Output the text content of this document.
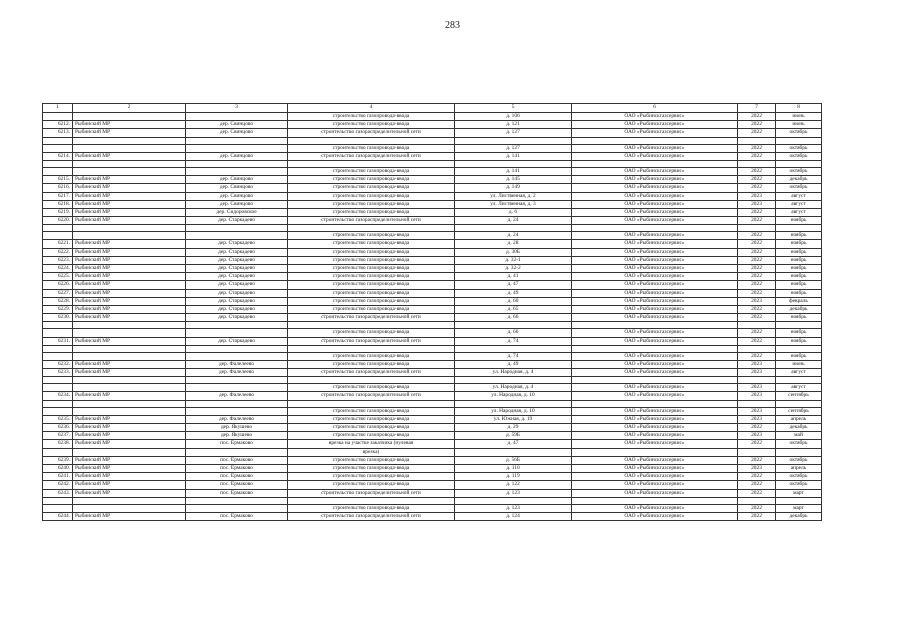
283
1	2	3	4	5	6	7	8
			строительство газопровода-ввода	д. 106	ОАО «Рыбинскгазсервис»	2022	июнь
6212.	Рыбинский МР	дер. Свинцово	строительство газопровода-ввода	д. 121	ОАО «Рыбинскгазсервис»	2022	июнь
6213.	Рыбинский МР	дер. Свинцово	строительство газораспределительной сети	д. 127	ОАО «Рыбинскгазсервис»	2022	октябрь

			строительство газопровода-ввода	д. 127	ОАО «Рыбинскгазсервис»	2022	октябрь
6214.	Рыбинский МР	дер. Свинцово	строительство газораспределительной сети	д. 141	ОАО «Рыбинскгазсервис»	2022	октябрь

			строительство газопровода-ввода	д. 141	ОАО «Рыбинскгазсервис»	2022	октябрь
6215.	Рыбинский МР	дер. Свинцово	строительство газопровода-ввода	д. 145	ОАО «Рыбинскгазсервис»	2022	декабрь
6216.	Рыбинский МР	дер. Свинцово	строительство газопровода-ввода	д. 149	ОАО «Рыбинскгазсервис»	2022	октябрь
6217.	Рыбинский МР	дер. Свинцово	строительство газопровода-ввода	ул. Лиственная, д. 2	ОАО «Рыбинскгазсервис»	2023	август
6218.	Рыбинский МР	дер. Свинцово	строительство газопровода-ввода	ул. Лиственная, д. 3	ОАО «Рыбинскгазсервис»	2023	август
6219.	Рыбинский МР	дер. Сидоровское	строительство газопровода-ввода	д. 6	ОАО «Рыбинскгазсервис»	2022	август
6220.	Рыбинский МР	дер. Старкадево	строительство газораспределительной сети	д. 24	ОАО «Рыбинскгазсервис»	2022	ноябрь

			строительство газопровода-ввода	д. 24	ОАО «Рыбинскгазсервис»	2022	ноябрь
6221.	Рыбинский МР	дер. Старкадево	строительство газопровода-ввода	д. 28	ОАО «Рыбинскгазсервис»	2022	ноябрь
6222.	Рыбинский МР	дер. Старкадево	строительство газопровода-ввода	д. 30Б	ОАО «Рыбинскгазсервис»	2022	ноябрь
6223.	Рыбинский МР	дер. Старкадево	строительство газопровода-ввода	д. 32-1	ОАО «Рыбинскгазсервис»	2022	ноябрь
6224.	Рыбинский МР	дер. Старкадево	строительство газопровода-ввода	д. 32-2	ОАО «Рыбинскгазсервис»	2022	ноябрь
6225.	Рыбинский МР	дер. Старкадево	строительство газопровода-ввода	д. 41	ОАО «Рыбинскгазсервис»	2022	ноябрь
6226.	Рыбинский МР	дер. Старкадево	строительство газопровода-ввода	д. 47	ОАО «Рыбинскгазсервис»	2022	ноябрь
6227.	Рыбинский МР	дер. Старкадево	строительство газопровода-ввода	д. 49	ОАО «Рыбинскгазсервис»	2022	ноябрь
6228.	Рыбинский МР	дер. Старкадево	строительство газопровода-ввода	д. 60	ОАО «Рыбинскгазсервис»	2023	февраль
6229.	Рыбинский МР	дер. Старкадево	строительство газопровода-ввода	д. 65	ОАО «Рыбинскгазсервис»	2022	декабрь
6230.	Рыбинский МР	дер. Старкадево	строительство газораспределительной сети	д. 66	ОАО «Рыбинскгазсервис»	2022	ноябрь

			строительство газопровода-ввода	д. 66	ОАО «Рыбинскгазсервис»	2022	ноябрь
6231.	Рыбинский МР	дер. Старкадево	строительство газораспределительной сети	д. 74	ОАО «Рыбинскгазсервис»	2022	ноябрь

			строительство газопровода-ввода	д. 74	ОАО «Рыбинскгазсервис»	2022	ноябрь
6232.	Рыбинский МР	дер. Фалелеево	строительство газопровода-ввода	д. 49	ОАО «Рыбинскгазсервис»	2023	июнь
6233.	Рыбинский МР	дер. Фалелеево	строительство газораспределительной сети	ул. Народная, д. 4	ОАО «Рыбинскгазсервис»	2023	август

			строительство газопровода-ввода	ул. Народная, д. 4	ОАО «Рыбинскгазсервис»	2023	август
6234.	Рыбинский МР	дер. Фалелеево	строительство газораспределительной сети	ул. Народная, д. 10	ОАО «Рыбинскгазсервис»	2023	сентябрь

			строительство газопровода-ввода	ул. Народная, д. 10	ОАО «Рыбинскгазсервис»	2023	сентябрь
6235.	Рыбинский МР	дер. Фалелеево	строительство газопровода-ввода	ул. Южная, д. 19	ОАО «Рыбинскгазсервис»	2023	апрель
6236.	Рыбинский МР	дер. Якушево	строительство газопровода-ввода	д. 29	ОАО «Рыбинскгазсервис»	2022	декабрь
6237.	Рыбинский МР	дер. Якушево	строительство газопровода-ввода	д. 59Б	ОАО «Рыбинскгазсервис»	2023	май
6238.	Рыбинский МР	пос. Ермаково	врезка на участке заказчика (нулевая	д. 47	ОАО «Рыбинскгазсервис»	2022	октябрь
			врезка)				
6239.	Рыбинский МР	пос. Ермаково	строительство газопровода-ввода	д. 56Б	ОАО «Рыбинскгазсервис»	2022	октябрь
6240.	Рыбинский МР	пос. Ермаково	строительство газопровода-ввода	д. 110	ОАО «Рыбинскгазсервис»	2023	апрель
6241.	Рыбинский МР	пос. Ермаково	строительство газопровода-ввода	д. 119	ОАО «Рыбинскгазсервис»	2022	октябрь
6242.	Рыбинский МР	пос. Ермаково	строительство газопровода-ввода	д. 122	ОАО «Рыбинскгазсервис»	2022	октябрь
6243.	Рыбинский МР	пос. Ермаково	строительство газораспределительной сети	д. 123	ОАО «Рыбинскгазсервис»	2022	март

			строительство газопровода-ввода	д. 123	ОАО «Рыбинскгазсервис»	2022	март
6244.	Рыбинский МР	пос. Ермаково	строительство газораспределительной сети	д. 124	ОАО «Рыбинскгазсервис»	2022	декабрь
